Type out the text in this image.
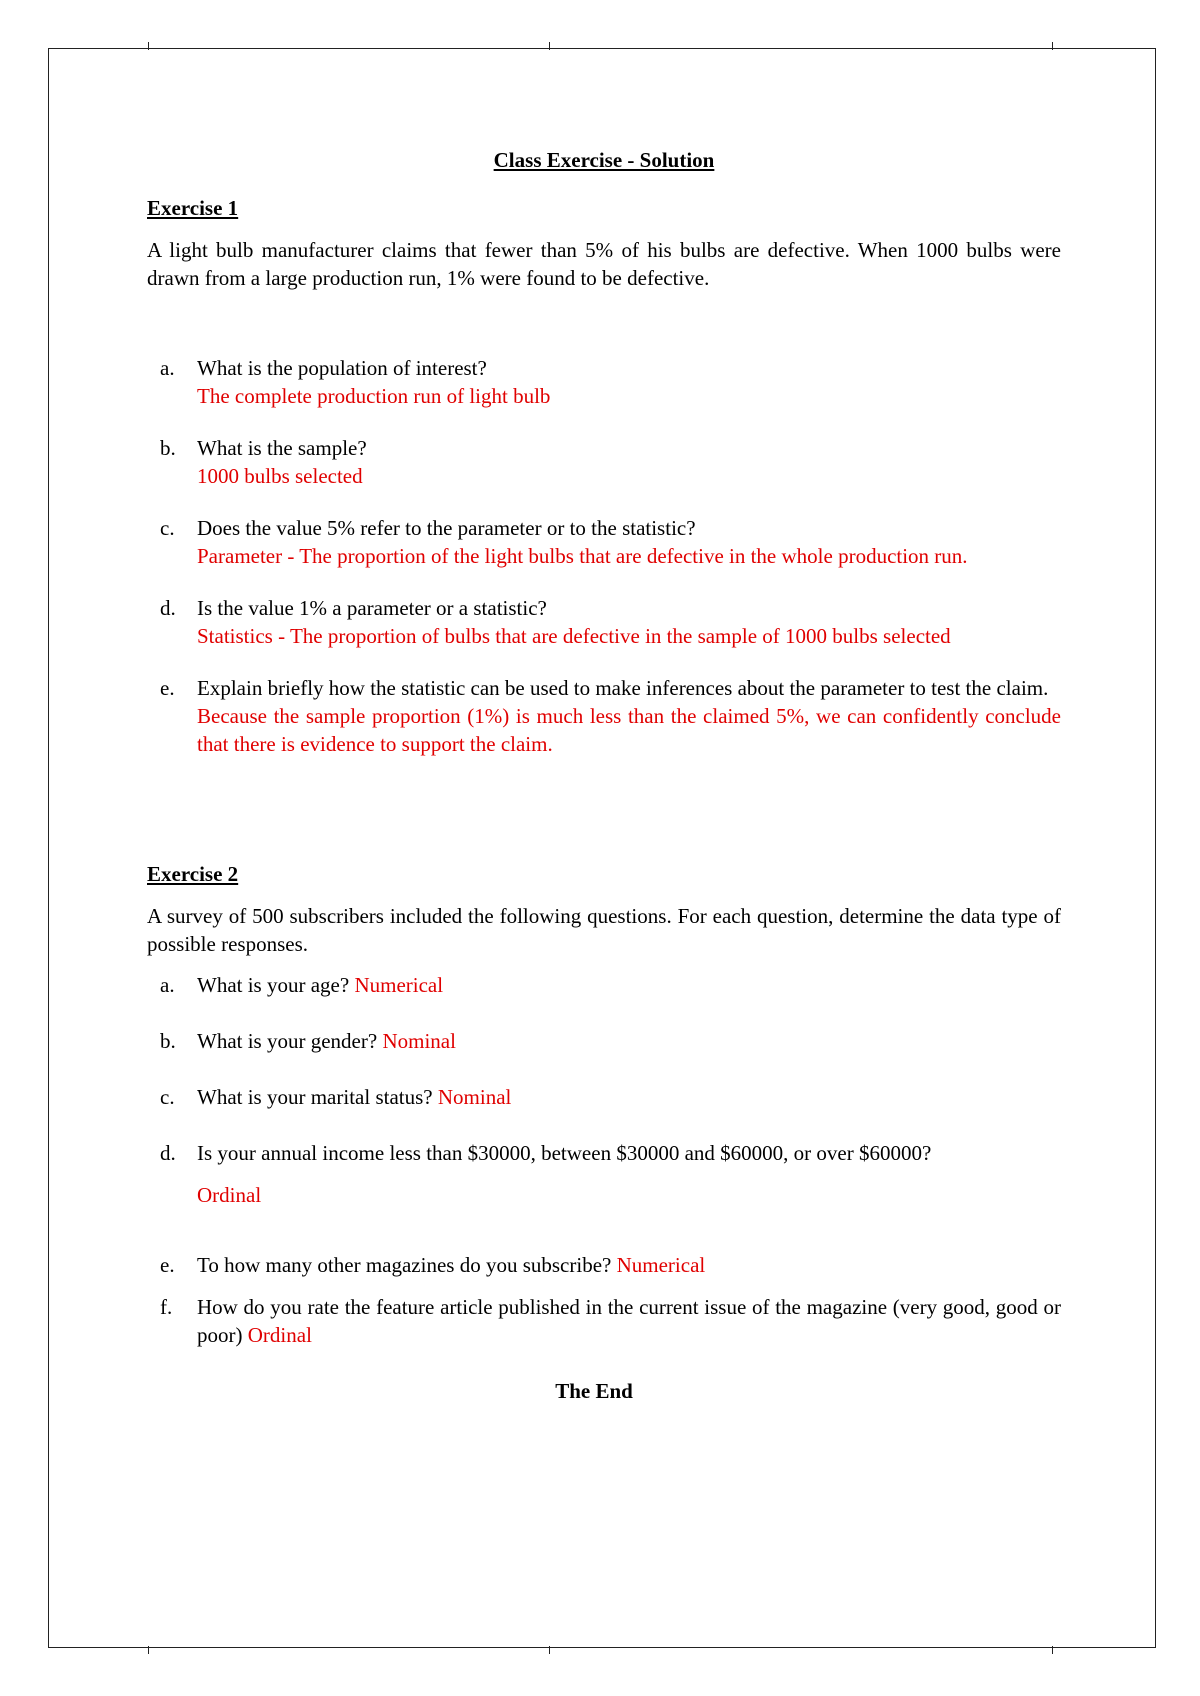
Class Exercise - Solution
Exercise 1

A light bulb manufacturer claims that fewer than 5% of his bulbs are defective. When 1000 bulbs were drawn from a large production run, 1% were found to be defective.

a. What is the population of interest?
The complete production run of light bulb
b. What is the sample?
1000 bulbs selected
c. Does the value 5% refer to the parameter or to the statistic?
Parameter - The proportion of the light bulbs that are defective in the whole production run.
d. Is the value 1% a parameter or a statistic?
Statistics - The proportion of bulbs that are defective in the sample of 1000 bulbs selected
e. Explain briefly how the statistic can be used to make inferences about the parameter to test the claim.
Because the sample proportion (1%) is much less than the claimed 5%, we can confidently conclude that there is evidence to support the claim.
Exercise 2

A survey of 500 subscribers included the following questions. For each question, determine the data type of possible responses.

a. What is your age? Numerical
b. What is your gender? Nominal
c. What is your marital status? Nominal
d. Is your annual income less than $30000, between $30000 and $60000, or over $60000?
Ordinal
e. To how many other magazines do you subscribe? Numerical
f. How do you rate the feature article published in the current issue of the magazine (very good, good or poor) Ordinal
The End
